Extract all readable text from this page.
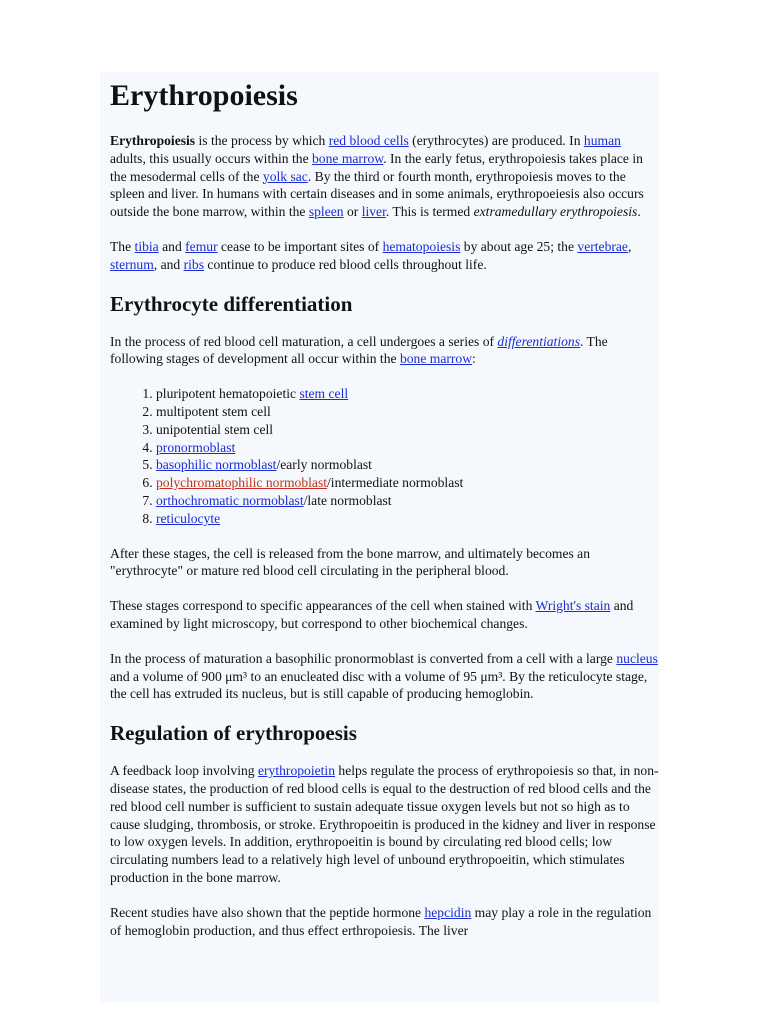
Erythropoiesis

Erythropoiesis is the process by which red blood cells (erythrocytes) are produced. In human adults, this usually occurs within the bone marrow. In the early fetus, erythropoiesis takes place in the mesodermal cells of the yolk sac. By the third or fourth month, erythropoiesis moves to the spleen and liver. In humans with certain diseases and in some animals, erythropoeiesis also occurs outside the bone marrow, within the spleen or liver. This is termed extramedullary erythropoiesis.

The tibia and femur cease to be important sites of hematopoiesis by about age 25; the vertebrae, sternum, and ribs continue to produce red blood cells throughout life.

Erythrocyte differentiation

In the process of red blood cell maturation, a cell undergoes a series of differentiations. The following stages of development all occur within the bone marrow:

1. pluripotent hematopoietic stem cell
2. multipotent stem cell
3. unipotential stem cell
4. pronormoblast
5. basophilic normoblast/early normoblast
6. polychromatophilic normoblast/intermediate normoblast
7. orthochromatic normoblast/late normoblast
8. reticulocyte

After these stages, the cell is released from the bone marrow, and ultimately becomes an "erythrocyte" or mature red blood cell circulating in the peripheral blood.

These stages correspond to specific appearances of the cell when stained with Wright's stain and examined by light microscopy, but correspond to other biochemical changes.

In the process of maturation a basophilic pronormoblast is converted from a cell with a large nucleus and a volume of 900 μm³ to an enucleated disc with a volume of 95 μm³. By the reticulocyte stage, the cell has extruded its nucleus, but is still capable of producing hemoglobin.

Regulation of erythropoesis

A feedback loop involving erythropoietin helps regulate the process of erythropoiesis so that, in non-disease states, the production of red blood cells is equal to the destruction of red blood cells and the red blood cell number is sufficient to sustain adequate tissue oxygen levels but not so high as to cause sludging, thrombosis, or stroke. Erythropoeitin is produced in the kidney and liver in response to low oxygen levels. In addition, erythropoeitin is bound by circulating red blood cells; low circulating numbers lead to a relatively high level of unbound erythropoeitin, which stimulates production in the bone marrow.

Recent studies have also shown that the peptide hormone hepcidin may play a role in the regulation of hemoglobin production, and thus effect erthropoiesis. The liver
